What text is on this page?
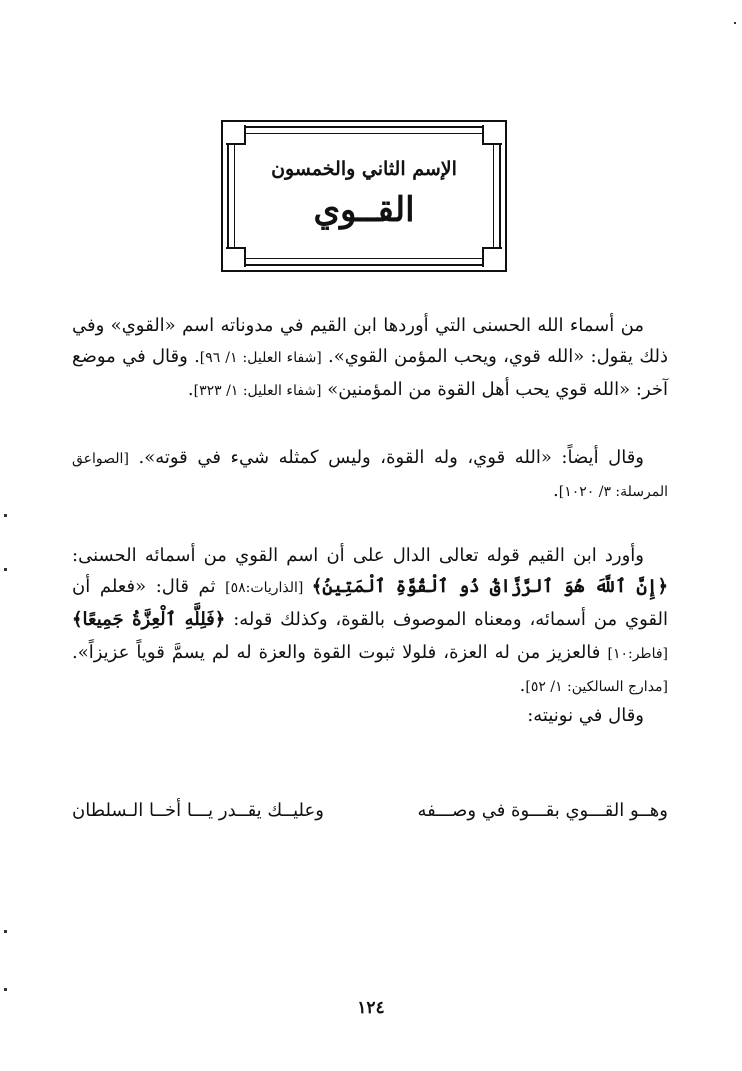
الإسم الثاني والخمسون
القــوي

من أسماء الله الحسنى التي أوردها ابن القيم في مدوناته اسم «القوي» وفي ذلك يقول: «الله قوي، ويحب المؤمن القوي». [شفاء العليل: ١/ ٩٦]. وقال في موضع آخر: «الله قوي يحب أهل القوة من المؤمنين» [شفاء العليل: ١/ ٣٢٣].

وقال أيضاً: «الله قوي، وله القوة، وليس كمثله شيء في قوته». [الصواعق المرسلة: ٣/ ١٠٢٠].

وأورد ابن القيم قوله تعالى الدال على أن اسم القوي من أسمائه الحسنى: ﴿إِنَّ ٱللَّهَ هُوَ ٱلرَّزَّاقُ ذُو ٱلْقُوَّةِ ٱلْمَتِينُ﴾ [الذاريات:٥٨] ثم قال: «فعلم أن القوي من أسمائه، ومعناه الموصوف بالقوة، وكذلك قوله: ﴿فَلِلَّهِ ٱلْعِزَّةُ جَمِيعًا﴾ [فاطر:١٠] فالعزيز من له العزة، فلولا ثبوت القوة والعزة له لم يسمَّ قوياً عزيزاً». [مدارج السالكين: ١/ ٥٢].

وقال في نونيته:

وهــو القـــوي بقـــوة في وصـــفه
وعليــك يقــدر يـــا أخــا الـسلطان
١٢٤
